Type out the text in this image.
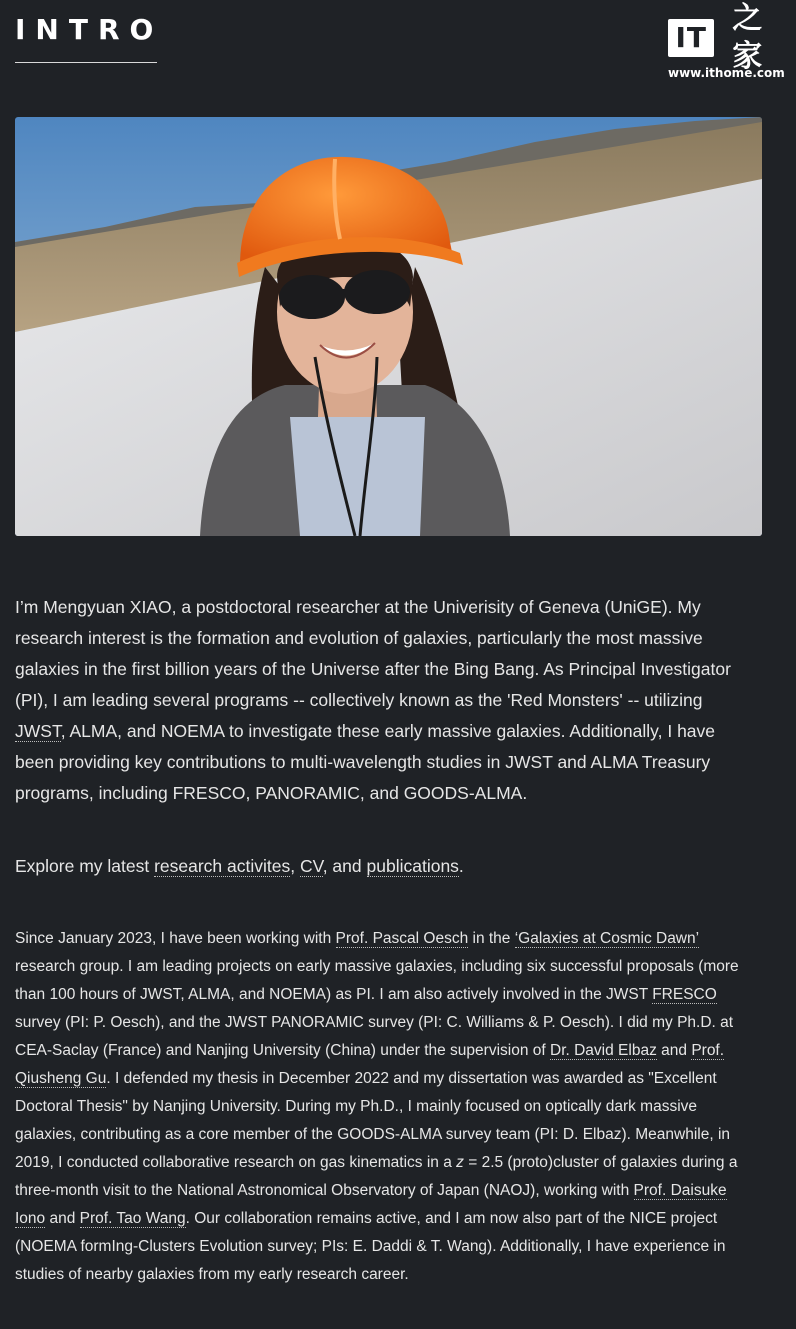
INTRO	IT
之家
www.ithome.com

I’m Mengyuan XIAO, a postdoctoral researcher at the Univerisity of Geneva (UniGE). My research interest is the formation and evolution of galaxies, particularly the most massive galaxies in the first billion years of the Universe after the Bing Bang. As Principal Investigator (PI), I am leading several programs -- collectively known as the 'Red Monsters' -- utilizing JWST, ALMA, and NOEMA to investigate these early massive galaxies. Additionally, I have been providing key contributions to multi-wavelength studies in JWST and ALMA Treasury programs, including FRESCO, PANORAMIC, and GOODS-ALMA.

Explore my latest research activites, CV, and publications.

Since January 2023, I have been working with Prof. Pascal Oesch in the ‘Galaxies at Cosmic Dawn’ research group. I am leading projects on early massive galaxies, including six successful proposals (more than 100 hours of JWST, ALMA, and NOEMA) as PI. I am also actively involved in the JWST FRESCO survey (PI: P. Oesch), and the JWST PANORAMIC survey (PI: C. Williams & P. Oesch). I did my Ph.D. at CEA-Saclay (France) and Nanjing University (China) under the supervision of Dr. David Elbaz and Prof. Qiusheng Gu. I defended my thesis in December 2022 and my dissertation was awarded as "Excellent Doctoral Thesis" by Nanjing University. During my Ph.D., I mainly focused on optically dark massive galaxies, contributing as a core member of the GOODS-ALMA survey team (PI: D. Elbaz). Meanwhile, in 2019, I conducted collaborative research on gas kinematics in a z = 2.5 (proto)cluster of galaxies during a three-month visit to the National Astronomical Observatory of Japan (NAOJ), working with Prof. Daisuke Iono and Prof. Tao Wang. Our collaboration remains active, and I am now also part of the NICE project (NOEMA formIng-Clusters Evolution survey; PIs: E. Daddi & T. Wang). Additionally, I have experience in studies of nearby galaxies from my early research career.
